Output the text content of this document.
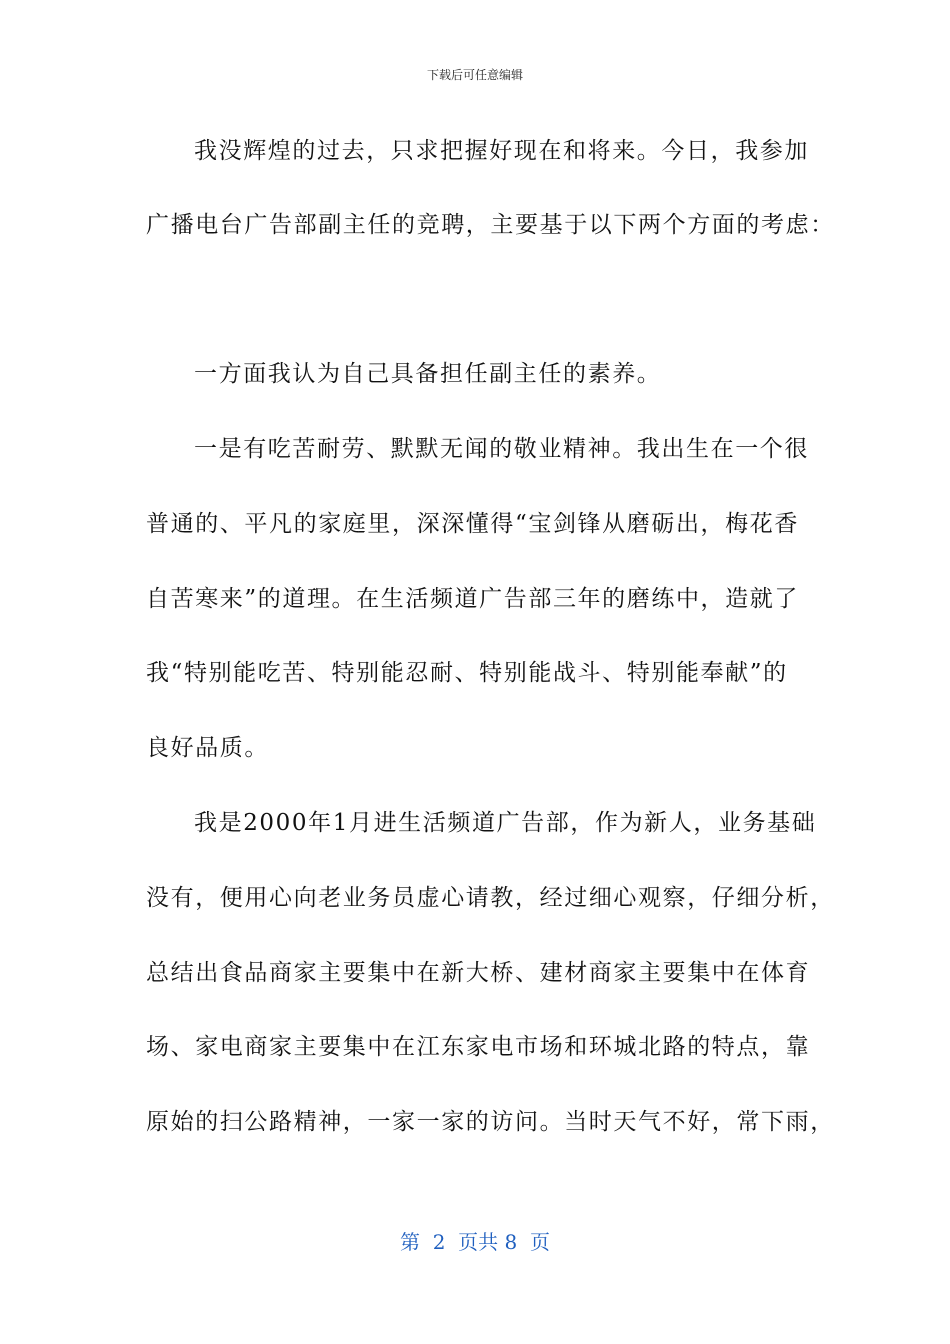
下载后可任意编辑
我没辉煌的过去，只求把握好现在和将来。今日，我参加
广播电台广告部副主任的竞聘，主要基于以下两个方面的考虑：
一方面我认为自己具备担任副主任的素养。
一是有吃苦耐劳、默默无闻的敬业精神。我出生在一个很
普通的、平凡的家庭里，深深懂得“宝剑锋从磨砺出，梅花香
自苦寒来”的道理。在生活频道广告部三年的磨练中，造就了
我“特别能吃苦、特别能忍耐、特别能战斗、特别能奉献”的
良好品质。
我是2000年1月进生活频道广告部，作为新人，业务基础
没有，便用心向老业务员虚心请教，经过细心观察，仔细分析，
总结出食品商家主要集中在新大桥、建材商家主要集中在体育
场、家电商家主要集中在江东家电市场和环城北路的特点，靠
原始的扫公路精神，一家一家的访问。当时天气不好，常下雨，
第  2  页共 8  页
